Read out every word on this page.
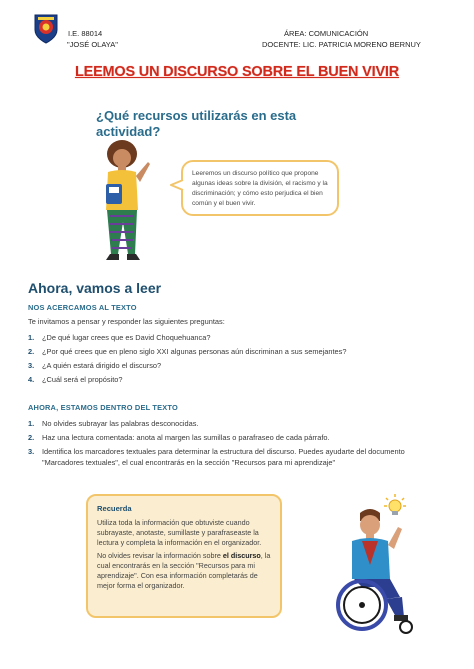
I.E. 88014
"JOSÉ OLAYA"
ÁREA: COMUNICACIÓN
DOCENTE: LIC. PATRICIA MORENO BERNUY
LEEMOS UN DISCURSO SOBRE EL BUEN VIVIR
¿Qué recursos utilizarás en esta actividad?
Leeremos un discurso político que propone algunas ideas sobre la división, el racismo y la discriminación; y cómo esto perjudica el bien común y el buen vivir.
Ahora, vamos a leer
NOS ACERCAMOS AL TEXTO
Te invitamos a pensar y responder las siguientes preguntas:
1. ¿De qué lugar crees que es David Choquehuanca?
2. ¿Por qué crees que en pleno siglo XXI algunas personas aún discriminan a sus semejantes?
3. ¿A quién estará dirigido el discurso?
4. ¿Cuál será el propósito?
AHORA, ESTAMOS DENTRO DEL TEXTO
1. No olvides subrayar las palabras desconocidas.
2. Haz una lectura comentada: anota al margen las sumillas o parafraseo de cada párrafo.
3. Identifica los marcadores textuales para determinar la estructura del discurso. Puedes ayudarte del documento "Marcadores textuales", el cual encontrarás en la sección "Recursos para mi aprendizaje"
Recuerda
Utiliza toda la información que obtuviste cuando subrayaste, anotaste, sumillaste y parafraseaste la lectura y completa la información en el organizador.
No olvides revisar la información sobre el discurso, la cual encontrarás en la sección "Recursos para mi aprendizaje". Con esa información completarás de mejor forma el organizador.
